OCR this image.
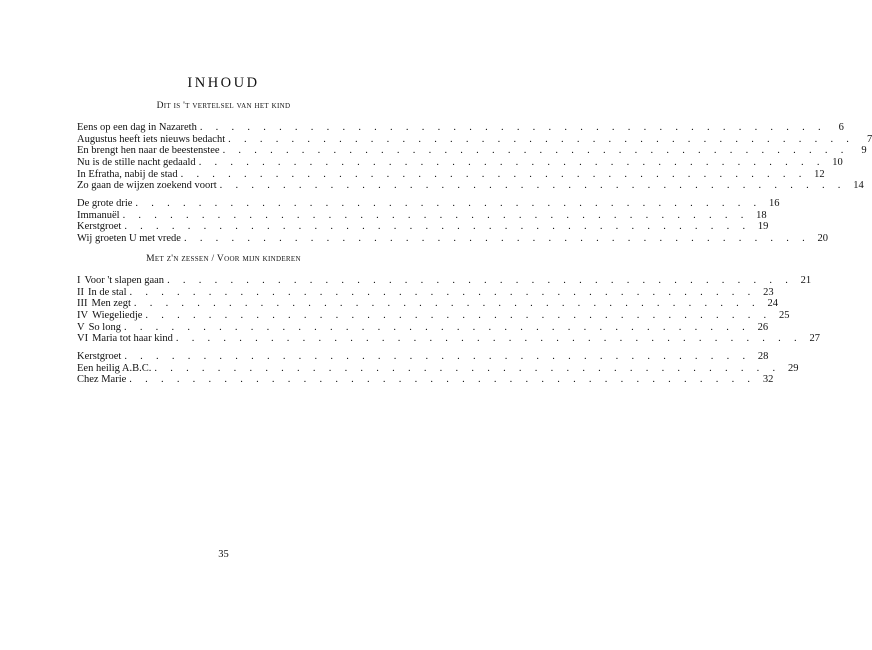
INHOUD
Dit is 't vertelsel van het kind
Eens op een dag in Nazareth . . . . . . . . . . . . . . . . . . . . . . . . . . . . . . . . . . . . . . . .	6
Augustus heeft iets nieuws bedacht . . . . . . . . . . . . . . . . . . . . . . . . . . . . . . . . . . . . . . . .	7
En brengt hen naar de beestenstee . . . . . . . . . . . . . . . . . . . . . . . . . . . . . . . . . . . . . . . .	9
Nu is de stille nacht gedaald . . . . . . . . . . . . . . . . . . . . . . . . . . . . . . . . . . . . . . . . 10
In Efratha, nabij de stad . . . . . . . . . . . . . . . . . . . . . . . . . . . . . . . . . . . . . . . . 12
Zo gaan de wijzen zoekend voort . . . . . . . . . . . . . . . . . . . . . . . . . . . . . . . . . . . . . . . . 14
De grote drie . . . . . . . . . . . . . . . . . . . . . . . . . . . . . . . . . . . . . . . . 16
Immanuël . . . . . . . . . . . . . . . . . . . . . . . . . . . . . . . . . . . . . . . . 18
Kerstgroet . . . . . . . . . . . . . . . . . . . . . . . . . . . . . . . . . . . . . . . . 19
Wij groeten U met vrede . . . . . . . . . . . . . . . . . . . . . . . . . . . . . . . . . . . . . . . . 20
Met z'n zessen / Voor mijn kinderen
I Voor 't slapen gaan . . . . . . . . . . . . . . . . . . . . . . . . . . . . . . . . . . . . . . . . 21
II In de stal . . . . . . . . . . . . . . . . . . . . . . . . . . . . . . . . . . . . . . . . 23
III Men zegt . . . . . . . . . . . . . . . . . . . . . . . . . . . . . . . . . . . . . . . . 24
IV Wiegeliedje . . . . . . . . . . . . . . . . . . . . . . . . . . . . . . . . . . . . . . . . 25
V So long . . . . . . . . . . . . . . . . . . . . . . . . . . . . . . . . . . . . . . . . 26
VI Maria tot haar kind . . . . . . . . . . . . . . . . . . . . . . . . . . . . . . . . . . . . . . . . 27
Kerstgroet . . . . . . . . . . . . . . . . . . . . . . . . . . . . . . . . . . . . . . . . 28
Een heilig A.B.C. . . . . . . . . . . . . . . . . . . . . . . . . . . . . . . . . . . . . . . . . 29
Chez Marie . . . . . . . . . . . . . . . . . . . . . . . . . . . . . . . . . . . . . . . . 32
35
